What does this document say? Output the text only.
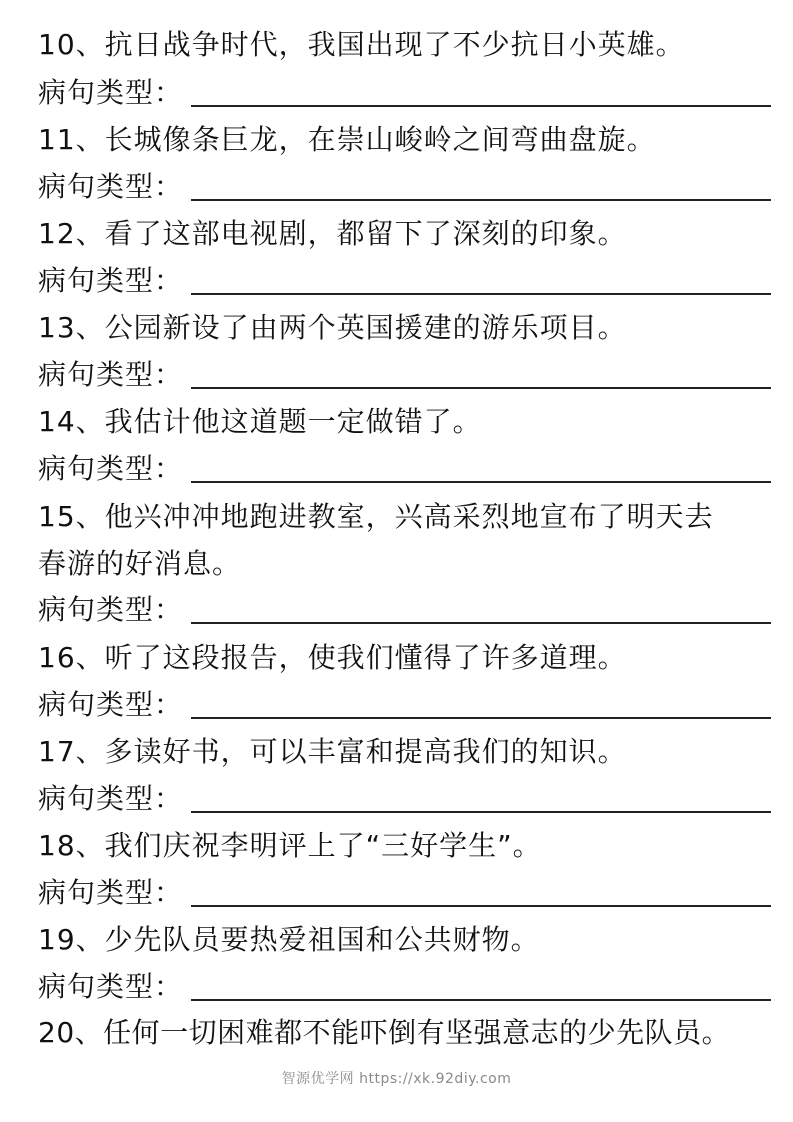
10、 抗日战争时代，我国出现了不少抗日小英雄。
病句类型：
11、 长城像条巨龙，在崇山峻岭之间弯曲盘旋。
病句类型：
12、 看了这部电视剧，都留下了深刻的印象。
病句类型：
13、 公园新设了由两个英国援建的游乐项目。
病句类型：
14、 我估计他这道题一定做错了。
病句类型：
15、 他兴冲冲地跑进教室，兴高采烈地宣布了明天去
春游的好消息。
病句类型：
16、 听了这段报告，使我们懂得了许多道理。
病句类型：
17、 多读好书，可以丰富和提高我们的知识。
病句类型：
18、 我们庆祝李明评上了“三好学生”。
病句类型：
19、 少先队员要热爱祖国和公共财物。
病句类型：
20、 任何一切困难都不能吓倒有坚强意志的少先队员。
智源优学网 https://xk.92diy.com
